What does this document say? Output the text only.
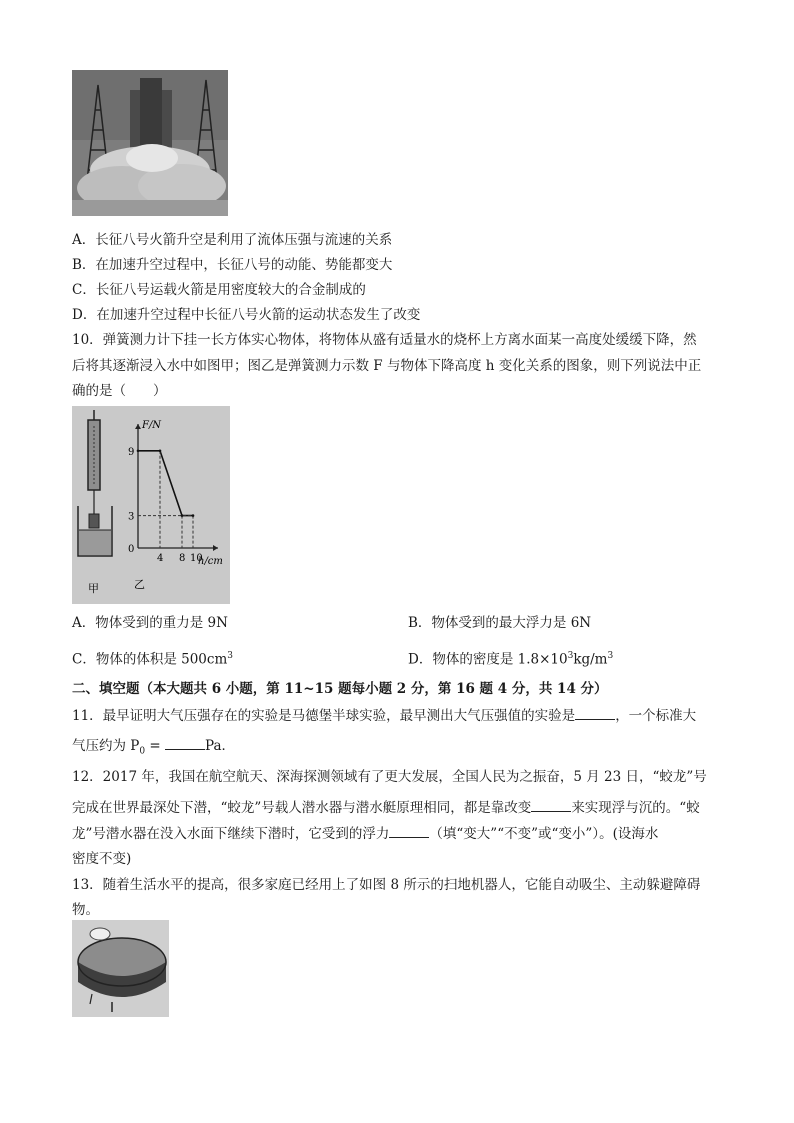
A．长征八号火箭升空是利用了流体压强与流速的关系
B．在加速升空过程中，长征八号的动能、势能都变大
C．长征八号运载火箭是用密度较大的合金制成的
D．在加速升空过程中长征八号火箭的运动状态发生了改变
10．弹簧测力计下挂一长方体实心物体，将物体从盛有适量水的烧杯上方离水面某一高度处缓缓下降，然
后将其逐渐浸入水中如图甲；图乙是弹簧测力示数 F 与物体下降高度 h 变化关系的图象，则下列说法中正
确的是（　　）
甲
F/N
h/cm
0
9
3
4 8 10
乙
A．物体受到的重力是 9N	B．物体受到的最大浮力是 6N
C．物体的体积是 $500cm^3$	D．物体的密度是 $1.8\times 10^3kg/m^3$
二、填空题（本大题共 6 小题，第 11~15 题每小题 2 分，第 16 题 4 分，共 14 分）
11．最早证明大气压强存在的实验是马德堡半球实验，最早测出大气压强值的实验是	，一个标准大
气压约为 $P_0$ =	Pa．
12．2017 年，我国在航空航天、深海探测领域有了更大发展，全国人民为之振奋，5 月 23 日，“蛟龙”号
完成在世界最深处下潜，“蛟龙”号载人潜水器与潜水艇原理相同，都是靠改变	来实现浮与沉的。“蛟
龙”号潜水器在没入水面下继续下潜时，它受到的浮力	（填“变大”“不变”或“变小”）。(设海水
密度不变)
13．随着生活水平的提高，很多家庭已经用上了如图 8 所示的扫地机器人，它能自动吸尘、主动躲避障碍
物。
